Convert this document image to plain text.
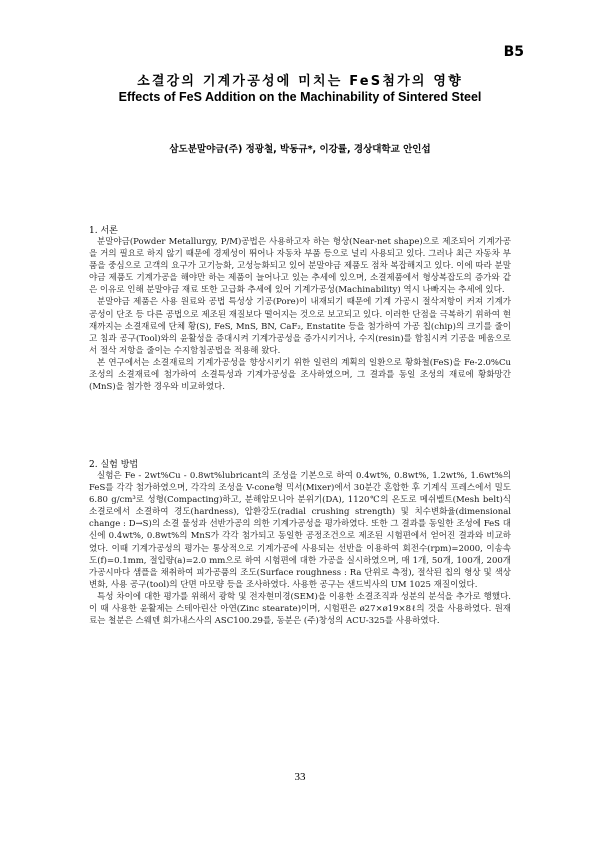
B5
소결강의 기계가공성에 미치는 FeS첨가의 영향
Effects of FeS Addition on the Machinability of Sintered Steel
삼도분말야금(주) 정광철, 박동규*, 이강률, 경상대학교 안인섭
1. 서론

분말야금(Powder Metallurgy, P/M)공법은 사용하고자 하는 형상(Near-net shape)으로 제조되어 기계가공을 거의 필요로 하지 않기 때문에 경제성이 뛰어나 자동차 부품 등으로 널리 사용되고 있다. 그러나 최근 자동차 부품을 중심으로 고객의 요구가 고기능화, 고성능화되고 있어 분말야금 제품도 점차 복잡해지고 있다. 이에 따라 분말야금 제품도 기계가공을 해야만 하는 제품이 늘어나고 있는 추세에 있으며, 소결제품에서 형상복잡도의 증가와 같은 이유로 인해 분말야금 재료 또한 고급화 추세에 있어 기계가공성(Machinability) 역시 나빠지는 추세에 있다.

분말야금 제품은 사용 원료와 공법 특성상 기공(Pore)이 내재되기 때문에 기계 가공시 절삭저항이 커져 기계가공성이 단조 등 다른 공법으로 제조된 재질보다 떨어지는 것으로 보고되고 있다. 이러한 단점을 극복하기 위하여 현재까지는 소결재료에 단체 황(S), FeS, MnS, BN, CaF₂, Enstatite 등을 첨가하여 가공 칩(chip)의 크기를 줄이고 침과 공구(Tool)와의 윤활성을 증대시켜 기계가공성을 증가시키거나, 수지(resin)를 함침시켜 기공을 메움으로서 절삭 저항을 줄이는 수지함침공법을 적용해 왔다.

본 연구에서는 소결재료의 기계가공성을 향상시키기 위한 일련의 계획의 일환으로 황화철(FeS)을 Fe-2.0%Cu 조성의 소결재료에 첨가하여 소결특성과 기계가공성을 조사하였으며, 그 결과를 동일 조성의 재료에 황화망간(MnS)을 첨가한 경우와 비교하였다.

2. 실험 방법

실험은 Fe - 2wt%Cu - 0.8wt%lubricant의 조성을 기본으로 하여 0.4wt%, 0.8wt%, 1.2wt%, 1.6wt%의 FeS를 각각 첨가하였으며, 각각의 조성을 V-cone형 믹서(Mixer)에서 30분간 혼합한 후 기계식 프레스에서 밀도 6.80 g/cm³로 성형(Compacting)하고, 분해암모니아 분위기(DA), 1120℃의 온도로 메쉬벨트(Mesh belt)식 소결로에서 소결하여 경도(hardness), 압환강도(radial crushing strength) 및 치수변화율(dimensional change : D→S)의 소결 물성과 선반가공의 의한 기계가공성을 평가하였다. 또한 그 결과를 동일한 조성에 FeS 대신에 0.4wt%, 0.8wt%의 MnS가 각각 첨가되고 동일한 공정조건으로 제조된 시험편에서 얻어진 결과와 비교하였다. 이때 기계가공성의 평가는 통상적으로 기계가공에 사용되는 선반을 이용하여 회전수(rpm)=2000, 이송속도(f)=0.1mm, 절입량(a)=2.0 mm으로 하여 시험편에 대한 가공을 실시하였으며, 매 1개, 50개, 100개, 200개 가공시마다 샘플을 채취하여 피가공품의 조도(Surface roughness : Ra 단위로 측정), 절삭된 칩의 형상 및 색상변화, 사용 공구(tool)의 단면 마모량 등을 조사하였다. 사용한 공구는 샌드빅사의 UM 1025 재질이었다.

특성 차이에 대한 평가를 위해서 광학 및 전자현미경(SEM)을 이용한 소결조직과 성분의 분석을 추가로 행했다. 이 때 사용한 윤활제는 스테아린산 아연(Zinc stearate)이며, 시험편은 ø27×ø19×8ℓ의 것을 사용하였다. 원재료는 철분은 스웨덴 회가내스사의 ASC100.29를, 동분은 (주)창성의 ACU-325를 사용하였다.

33
